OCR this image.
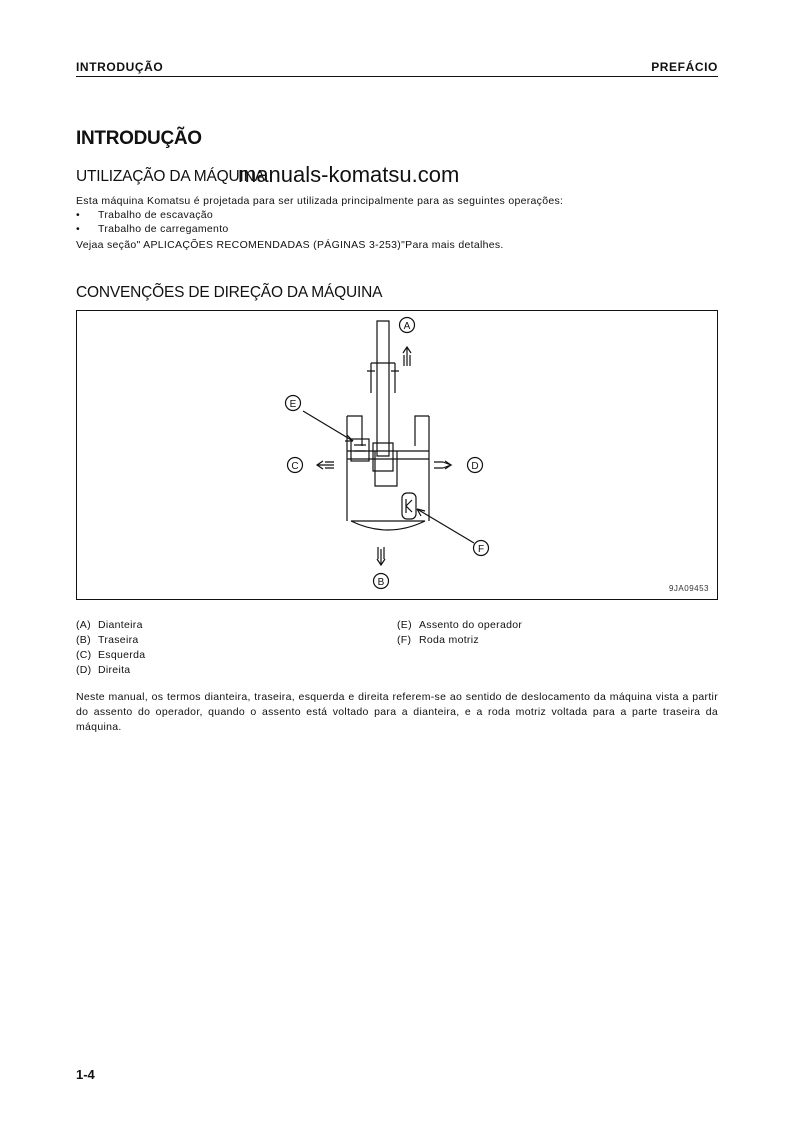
INTRODUÇÃO	PREFÁCIO
INTRODUÇÃO
UTILIZAÇÃO DA MÁQUINA
manuals-komatsu.com
Esta máquina Komatsu é projetada para ser utilizada principalmente para as seguintes operações:
• Trabalho de escavação
• Trabalho de carregamento
Vejaa seção" APLICAÇÕES RECOMENDADAS (PÁGINAS 3-253)"Para mais detalhes.
CONVENÇÕES DE DIREÇÃO DA MÁQUINA
A
B
C	D
E
F
9JA09453
(A) Dianteira
(B) Traseira
(C) Esquerda
(D) Direita
(E) Assento do operador
(F) Roda motriz
Neste manual, os termos dianteira, traseira, esquerda e direita referem-se ao sentido de deslocamento da máquina vista a partir do assento do operador, quando o assento está voltado para a dianteira, e a roda motriz voltada para a parte traseira da máquina.
1-4
